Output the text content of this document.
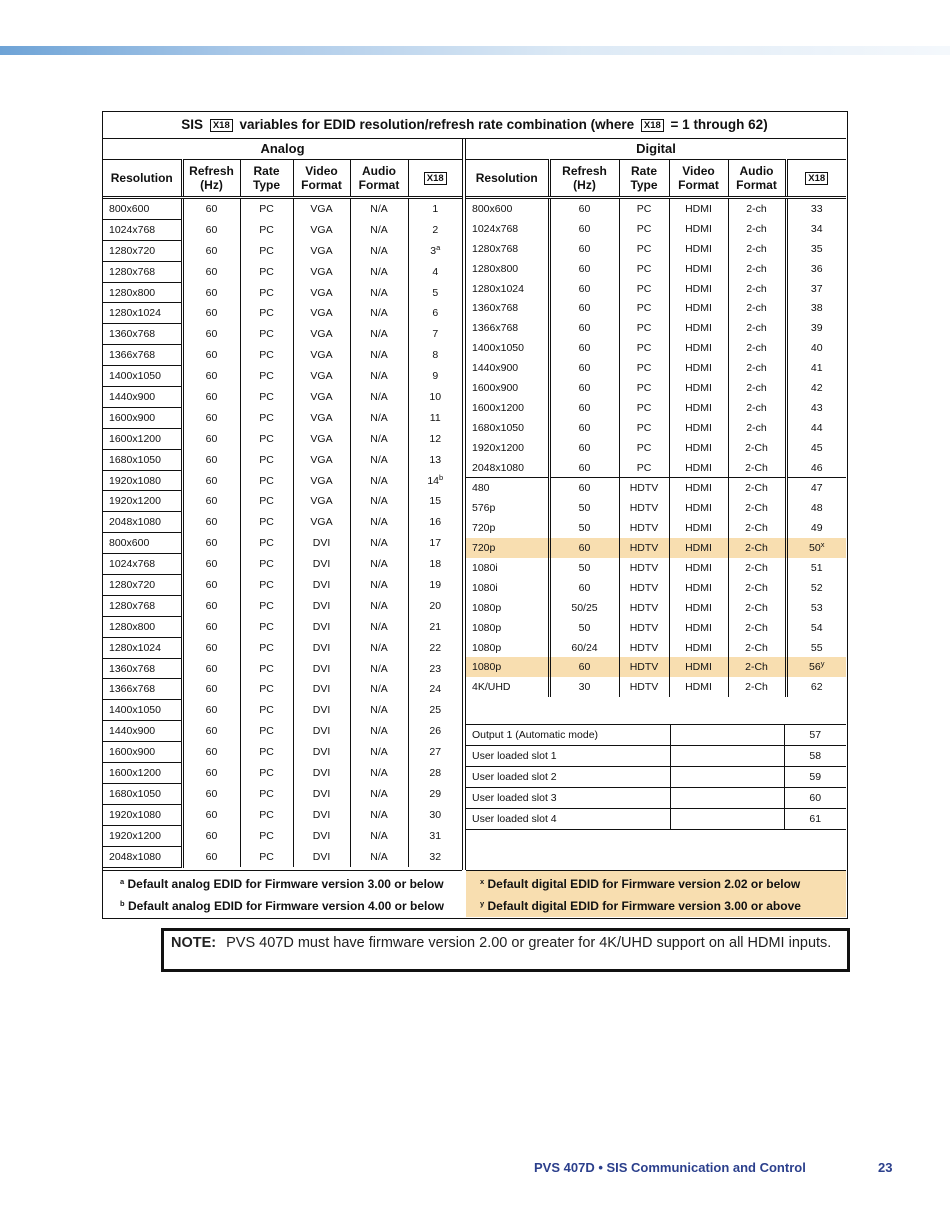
SIS X18 variables for EDID resolution/refresh rate combination (where X18 = 1 through 62)
Analog	Digital
Resolution	Refresh (Hz)	Rate Type	Video Format	Audio Format	X18
800x600	60	PC	VGA	N/A	1
1024x768	60	PC	VGA	N/A	2
1280x720	60	PC	VGA	N/A	3$^a$
1280x768	60	PC	VGA	N/A	4
1280x800	60	PC	VGA	N/A	5
1280x1024	60	PC	VGA	N/A	6
1360x768	60	PC	VGA	N/A	7
1366x768	60	PC	VGA	N/A	8
1400x1050	60	PC	VGA	N/A	9
1440x900	60	PC	VGA	N/A	10
1600x900	60	PC	VGA	N/A	11
1600x1200	60	PC	VGA	N/A	12
1680x1050	60	PC	VGA	N/A	13
1920x1080	60	PC	VGA	N/A	14$^b$
1920x1200	60	PC	VGA	N/A	15
2048x1080	60	PC	VGA	N/A	16
800x600	60	PC	DVI	N/A	17
1024x768	60	PC	DVI	N/A	18
1280x720	60	PC	DVI	N/A	19
1280x768	60	PC	DVI	N/A	20
1280x800	60	PC	DVI	N/A	21
1280x1024	60	PC	DVI	N/A	22
1360x768	60	PC	DVI	N/A	23
1366x768	60	PC	DVI	N/A	24
1400x1050	60	PC	DVI	N/A	25
1440x900	60	PC	DVI	N/A	26
1600x900	60	PC	DVI	N/A	27
1600x1200	60	PC	DVI	N/A	28
1680x1050	60	PC	DVI	N/A	29
1920x1080	60	PC	DVI	N/A	30
1920x1200	60	PC	DVI	N/A	31
2048x1080	60	PC	DVI	N/A	32
Resolution	Refresh (Hz)	Rate Type	Video Format	Audio Format	X18
800x600	60	PC	HDMI	2-ch	33
1024x768	60	PC	HDMI	2-ch	34
1280x768	60	PC	HDMI	2-ch	35
1280x800	60	PC	HDMI	2-ch	36
1280x1024	60	PC	HDMI	2-ch	37
1360x768	60	PC	HDMI	2-ch	38
1366x768	60	PC	HDMI	2-ch	39
1400x1050	60	PC	HDMI	2-ch	40
1440x900	60	PC	HDMI	2-ch	41
1600x900	60	PC	HDMI	2-ch	42
1600x1200	60	PC	HDMI	2-ch	43
1680x1050	60	PC	HDMI	2-ch	44
1920x1200	60	PC	HDMI	2-Ch	45
2048x1080	60	PC	HDMI	2-Ch	46
480	60	HDTV	HDMI	2-Ch	47
576p	50	HDTV	HDMI	2-Ch	48
720p	50	HDTV	HDMI	2-Ch	49
720p	60	HDTV	HDMI	2-Ch	50$^x$
1080i	50	HDTV	HDMI	2-Ch	51
1080i	60	HDTV	HDMI	2-Ch	52
1080p	50/25	HDTV	HDMI	2-Ch	53
1080p	50	HDTV	HDMI	2-Ch	54
1080p	60/24	HDTV	HDMI	2-Ch	55
1080p	60	HDTV	HDMI	2-Ch	56$^y$
4K/UHD	30	HDTV	HDMI	2-Ch	62
Output 1 (Automatic mode)		57
User loaded slot 1		58
User loaded slot 2		59
User loaded slot 3		60
User loaded slot 4		61
$^a$ Default analog EDID for Firmware version 3.00 or below
$^b$ Default analog EDID for Firmware version 4.00 or below
$^x$ Default digital EDID for Firmware version 2.02 or below
$^y$ Default digital EDID for Firmware version 3.00 or above
NOTE: PVS 407D must have firmware version 2.00 or greater for 4K/UHD support on all HDMI inputs.
PVS 407D • SIS Communication and Control	23
